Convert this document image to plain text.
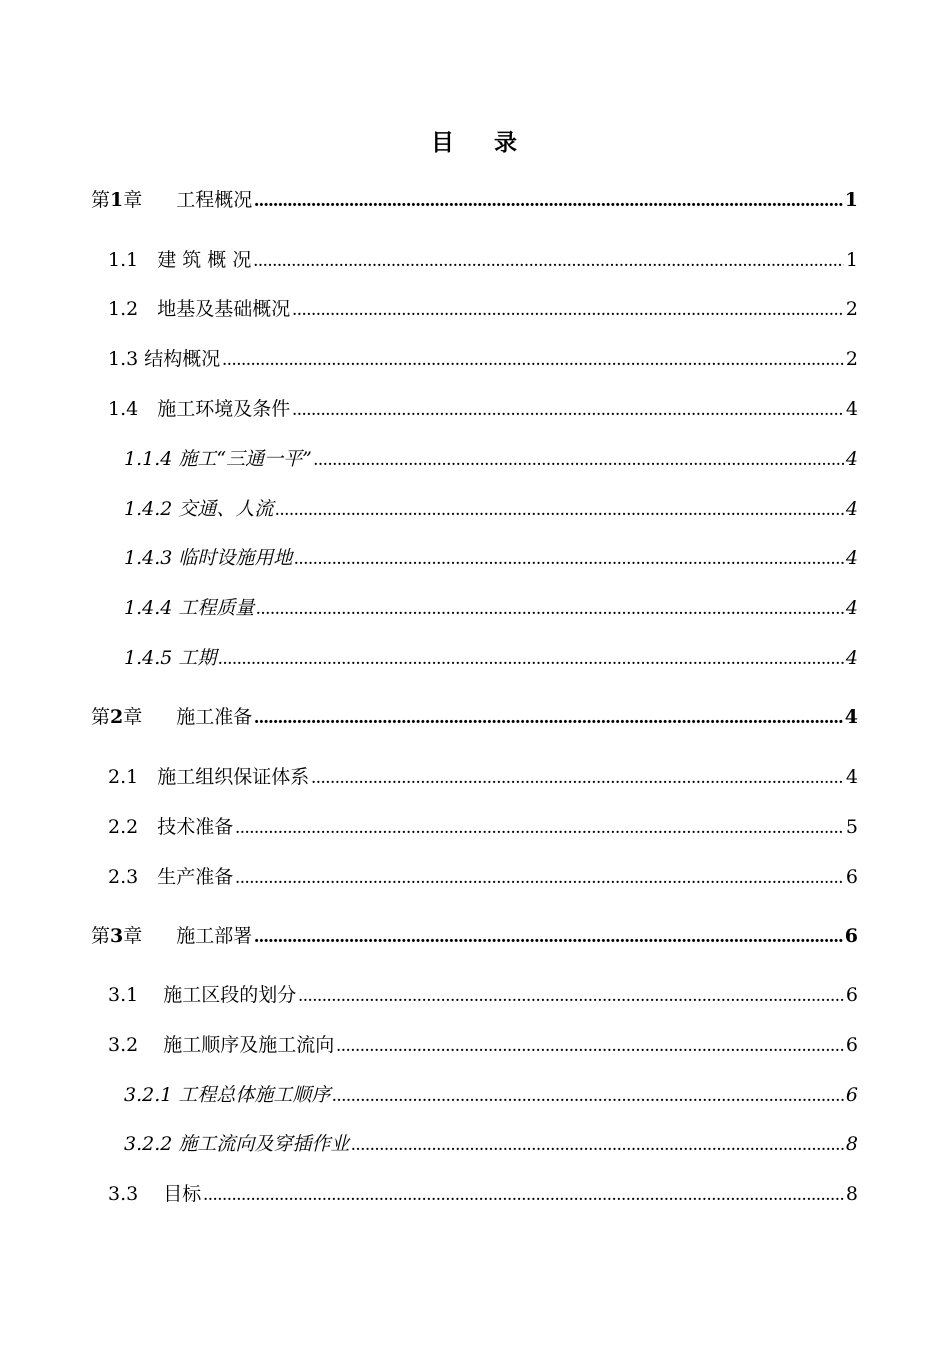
目 录
第1章 工程概况 .....	1
1.1　建 筑 概 况 .....	1
1.2　地基及基础概况 .....	2
1.3 结构概况 .....	2
1.4　施工环境及条件 .....	4
1.1.4 施工“三通一平” .....	4
1.4.2 交通、人流 .....	4
1.4.3 临时设施用地 .....	4
1.4.4 工程质量 .....	4
1.4.5 工期 .....	4
第2章 施工准备 .....	4
2.1　施工组织保证体系 .....	4
2.2　技术准备 .....	5
2.3　生产准备 .....	6
第3章 施工部署 .....	6
3.1　 施工区段的划分 .....	6
3.2　 施工顺序及施工流向 .....	6
3.2.1 工程总体施工顺序 .....	6
3.2.2 施工流向及穿插作业 .....	8
3.3　 目标 .....	8
